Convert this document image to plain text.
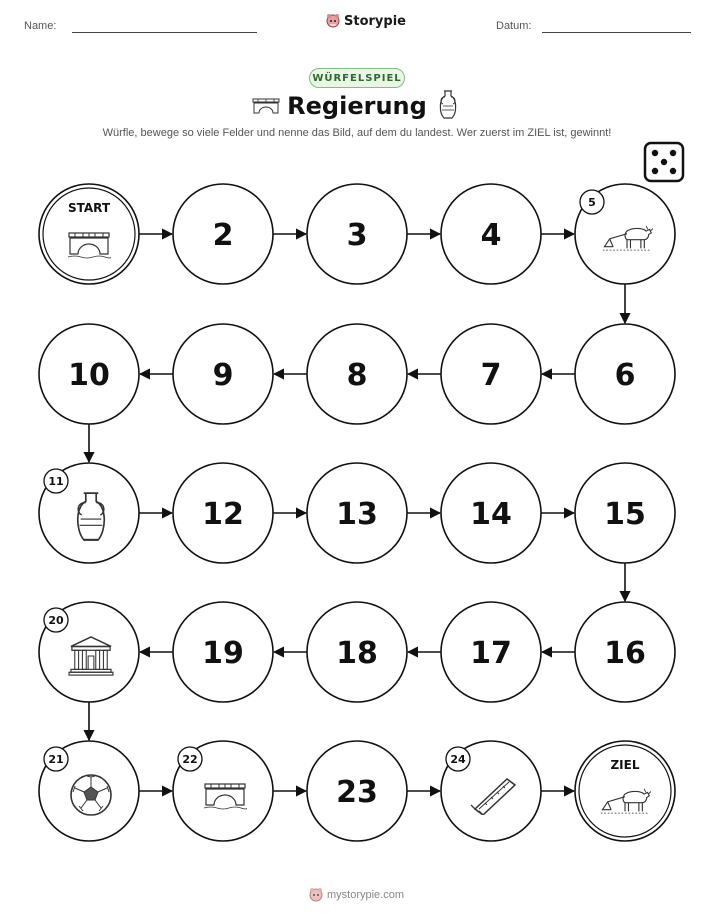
Name:	Storypie	Datum:
WÜRFELSPIEL
Regierung
Würfle, bewege so viele Felder und nenne das Bild, auf dem du landest. Wer zuerst im ZIEL ist, gewinnt!
START
2	3	4
5
6
7
8
9
10
11
12	13	14	15
16
17
18
19
20
21	22
23
24	ZIEL
mystorypie.com
